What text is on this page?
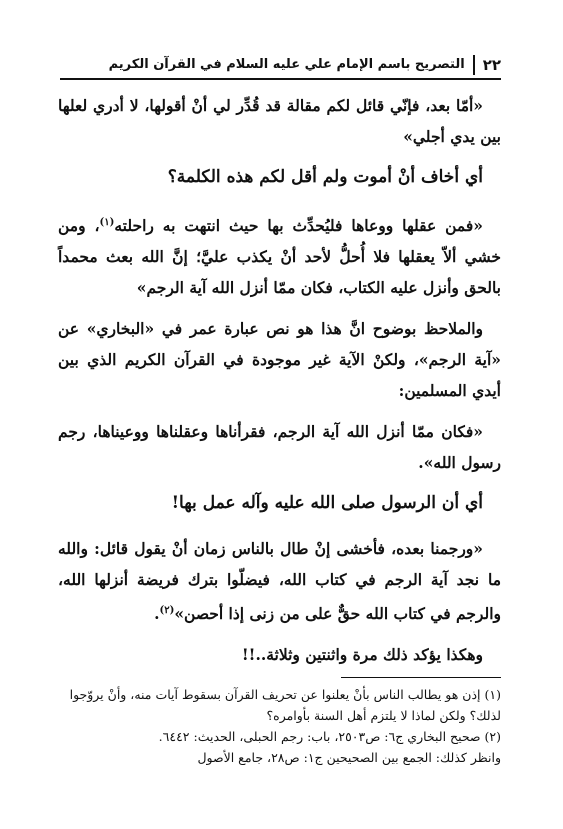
٢٢
التصريح باسم الإمام علي عليه السلام في القرآن الكريم

«أمّا بعد، فإنّي قائل لكم مقالة قد قُدِّر لي أنْ أقولها، لا أدري لعلها بين يدي أجلي»

أي أخاف أنْ أموت ولم أقل لكم هذه الكلمة؟

«فمن عقلها ووعاها فليُحدِّث بها حيث انتهت به راحلته$^{(١)}$، ومن خشي ألاّ يعقلها فلا أُحلُّ لأحد أنْ يكذب عليَّ؛ إنَّ الله بعث محمداً بالحق وأنزل عليه الكتاب، فكان ممّا أنزل الله آية الرجم»

والملاحظ بوضوح انَّ هذا هو نص عبارة عمر في «البخاري» عن «آية الرجم»، ولكنْ الآية غير موجودة في القرآن الكريم الذي بين أيدي المسلمين:

«فكان ممّا أنزل الله آية الرجم، فقرأناها وعقلناها ووعيناها، رجم رسول الله».

أي أن الرسول صلى الله عليه وآله عمل بها!

«ورجمنا بعده، فأخشى إنْ طال بالناس زمان أنْ يقول قائل: والله ما نجد آية الرجم في كتاب الله، فيضلّوا بترك فريضة أنزلها الله، والرجم في كتاب الله حقٌّ على من زنى إذا أحصن»$^{(٢)}$.

وهكذا يؤكد ذلك مرة واثنتين وثلاثة..!!

(١) إذن هو يطالب الناس بأنْ يعلنوا عن تحريف القرآن بسقوط آيات منه، وأنْ يروّجوا لذلك؟ ولكن لماذا لا يلتزم أهل السنة بأوامره؟

(٢) صحيح البخاري ج٦: ص٢٥٠٣، باب: رجم الحبلى، الحديث: ٦٤٤٢.

وانظر كذلك: الجمع بين الصحيحين ج١: ص٢٨، جامع الأصول
